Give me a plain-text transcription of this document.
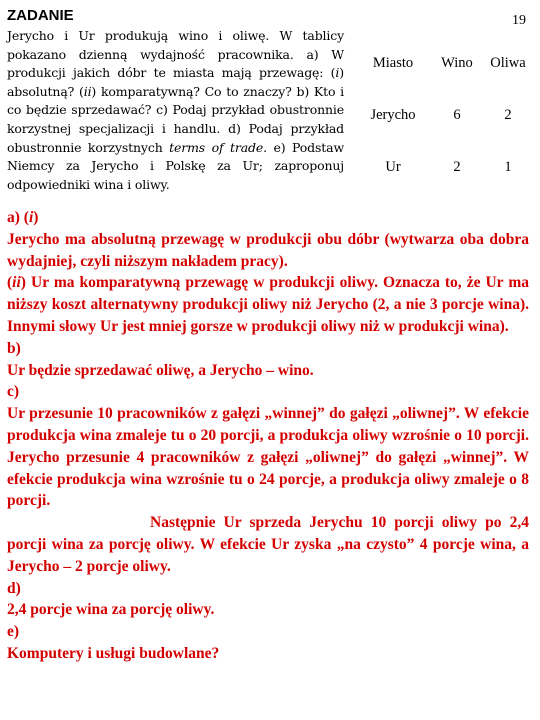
ZADANIE	19
Jerycho i Ur produkują wino i oliwę. W tablicy pokazano dzienną wydajność pracownika. a) W produkcji jakich dóbr te miasta mają przewagę: (i) absolutną? (ii) komparatywną? Co to znaczy? b) Kto i co będzie sprzedawać? c) Podaj przykład obustronnie korzystnej specjalizacji i handlu. d) Podaj przykład obustronnie korzystnych terms of trade. e) Podstaw Niemcy za Jerycho i Polskę za Ur; zaproponuj odpowiedniki wina i oliwy.
Miasto	Wino	Oliwa
Jerycho	6	2
Ur	2	1

a) (i)

Jerycho ma absolutną przewagę w produkcji obu dóbr (wytwarza oba dobra wydajniej, czyli niższym nakładem pracy).

(ii) Ur ma komparatywną przewagę w produkcji oliwy. Oznacza to, że Ur ma niższy koszt alternatywny produkcji oliwy niż Jerycho (2, a nie 3 porcje wina). Innymi słowy Ur jest mniej gorsze w produkcji oliwy niż w produkcji wina).

b)

Ur będzie sprzedawać oliwę, a Jerycho – wino.

c)

Ur przesunie 10 pracowników z gałęzi „winnej” do gałęzi „oliwnej”. W efekcie produkcja wina zmaleje tu o 20 porcji, a produkcja oliwy wzrośnie o 10 porcji. Jerycho przesunie 4 pracowników z gałęzi „oliwnej” do gałęzi „winnej”. W efekcie produkcja wina wzrośnie tu o 24 porcje, a produkcja oliwy zmaleje o 8 porcji.

Następnie Ur sprzeda Jerychu 10 porcji oliwy po 2,4 porcji wina za porcję oliwy. W efekcie Ur zyska „na czysto” 4 porcje wina, a Jerycho – 2 porcje oliwy.

d)

2,4 porcje wina za porcję oliwy.

e)

Komputery i usługi budowlane?
